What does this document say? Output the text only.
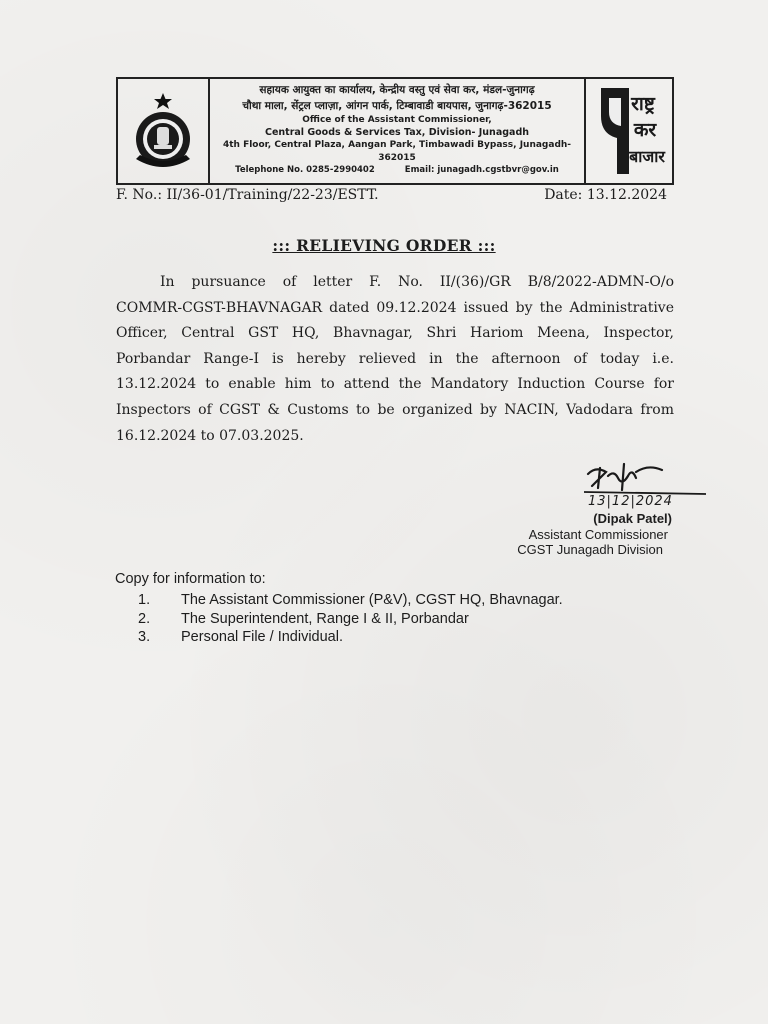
सहायक आयुक्त का कार्यालय, केन्द्रीय वस्तु एवं सेवा कर, मंडल-जुनागढ़
चौथा माला, सेंट्रल प्लाज़ा, आंगन पार्क, टिम्बावाडी बायपास, जुनागढ़-362015
Office of the Assistant Commissioner,
Central Goods & Services Tax, Division- Junagadh
4th Floor, Central Plaza, Aangan Park, Timbawadi Bypass, Junagadh-362015
Telephone No. 0285-2990402	Email: junagadh.cgstbvr@gov.in
राष्ट्र
कर
बाजार
F. No.: II/36-01/Training/22-23/ESTT.	Date: 13.12.2024
::: RELIEVING ORDER :::
In pursuance of letter F. No. II/(36)/GR B/8/2022-ADMN-O/o
COMMR-CGST-BHAVNAGAR dated 09.12.2024 issued by the Administrative
Officer, Central GST HQ, Bhavnagar, Shri Hariom Meena, Inspector,
Porbandar Range-I is hereby relieved in the afternoon of today i.e.
13.12.2024 to enable him to attend the Mandatory Induction Course for
Inspectors of CGST & Customs to be organized by NACIN, Vadodara from
16.12.2024 to 07.03.2025.
13|12|2024
(Dipak Patel)
Assistant Commissioner
CGST Junagadh Division
Copy for information to:
1.	The Assistant Commissioner (P&V), CGST HQ, Bhavnagar.
2.	The Superintendent, Range I & II, Porbandar
3.	Personal File / Individual.
